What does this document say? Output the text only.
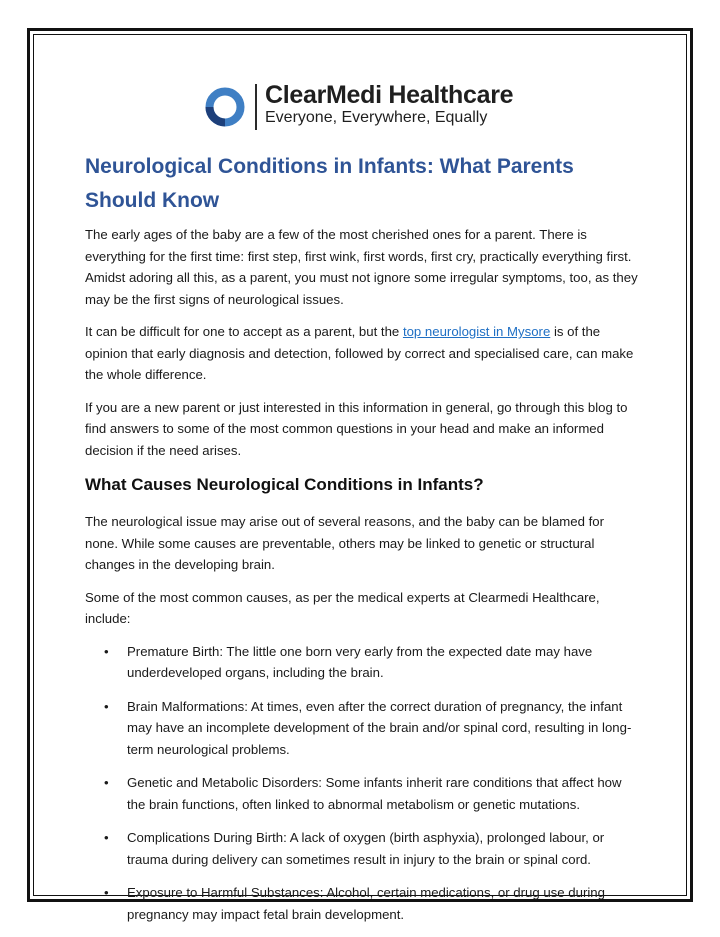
ClearMedi Healthcare
Everyone, Everywhere, Equally
Neurological Conditions in Infants: What Parents Should Know

The early ages of the baby are a few of the most cherished ones for a parent. There is everything for the first time: first step, first wink, first words, first cry, practically everything first. Amidst adoring all this, as a parent, you must not ignore some irregular symptoms, too, as they may be the first signs of neurological issues.

It can be difficult for one to accept as a parent, but the top neurologist in Mysore is of the opinion that early diagnosis and detection, followed by correct and specialised care, can make the whole difference.

If you are a new parent or just interested in this information in general, go through this blog to find answers to some of the most common questions in your head and make an informed decision if the need arises.

What Causes Neurological Conditions in Infants?

The neurological issue may arise out of several reasons, and the baby can be blamed for none. While some causes are preventable, others may be linked to genetic or structural changes in the developing brain.

Some of the most common causes, as per the medical experts at Clearmedi Healthcare, include:

• Premature Birth: The little one born very early from the expected date may have underdeveloped organs, including the brain.
• Brain Malformations: At times, even after the correct duration of pregnancy, the infant may have an incomplete development of the brain and/or spinal cord, resulting in long-term neurological problems.
• Genetic and Metabolic Disorders: Some infants inherit rare conditions that affect how the brain functions, often linked to abnormal metabolism or genetic mutations.
• Complications During Birth: A lack of oxygen (birth asphyxia), prolonged labour, or trauma during delivery can sometimes result in injury to the brain or spinal cord.
• Exposure to Harmful Substances: Alcohol, certain medications, or drug use during pregnancy may impact fetal brain development.
